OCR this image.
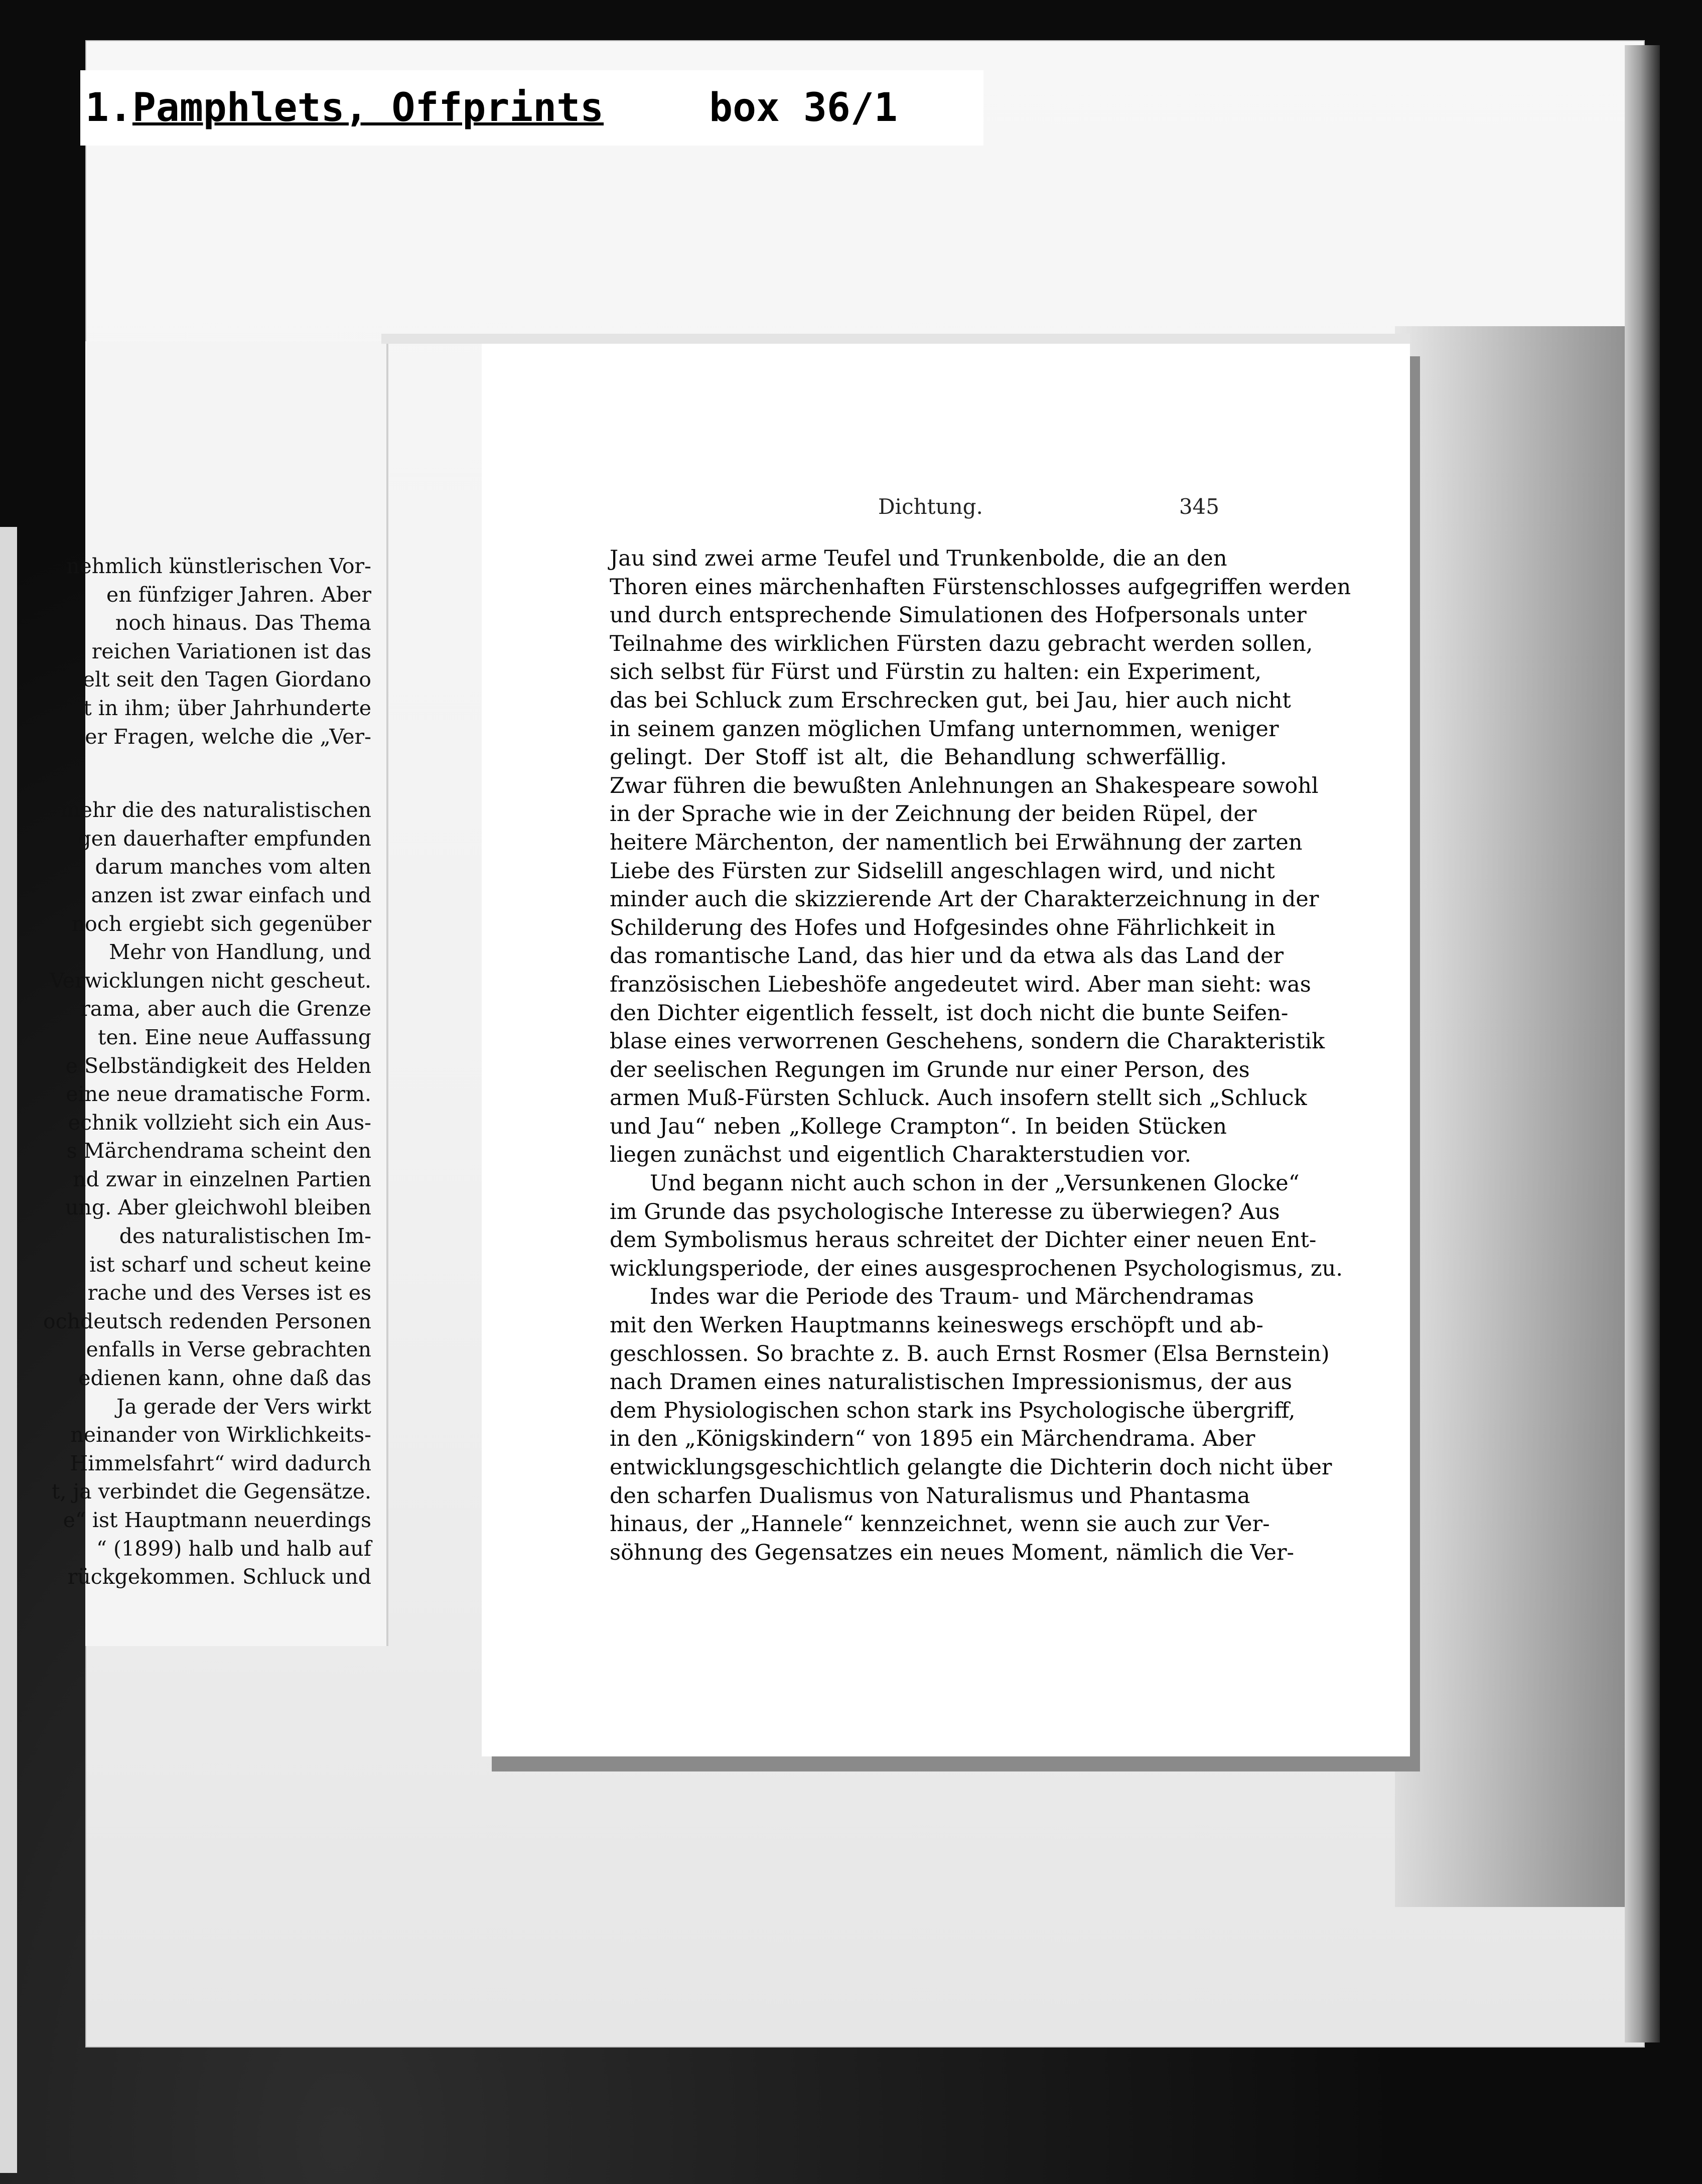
1. Pamphlets, Offprints	box 36/1
nehmlich künstlerischen Vor-
en fünfziger Jahren. Aber
noch hinaus. Das Thema
reichen Variationen ist das
elt seit den Tagen Giordano
t in ihm; über Jahrhunderte
er Fragen, welche die „Ver-
mehr die des naturalistischen
gen dauerhafter empfunden
darum manches vom alten
anzen ist zwar einfach und
noch ergiebt sich gegenüber
Mehr von Handlung, und
Verwicklungen nicht gescheut.
rama, aber auch die Grenze
ten. Eine neue Auffassung
e Selbständigkeit des Helden
eine neue dramatische Form.
echnik vollzieht sich ein Aus-
s Märchendrama scheint den
nd zwar in einzelnen Partien
ung. Aber gleichwohl bleiben
des naturalistischen Im-
ist scharf und scheut keine
rache und des Verses ist es
ochdeutsch redenden Personen
enfalls in Verse gebrachten
edienen kann, ohne daß das
Ja gerade der Vers wirkt
neinander von Wirklichkeits-
Himmelsfahrt“ wird dadurch
t, ja verbindet die Gegensätze.
e“ ist Hauptmann neuerdings
“ (1899) halb und halb auf
rückgekommen. Schluck und
Dichtung.	345
Jau sind zwei arme Teufel und Trunkenbolde, die an den
Thoren eines märchenhaften Fürstenschlosses aufgegriffen werden
und durch entsprechende Simulationen des Hofpersonals unter
Teilnahme des wirklichen Fürsten dazu gebracht werden sollen,
sich selbst für Fürst und Fürstin zu halten: ein Experiment,
das bei Schluck zum Erschrecken gut, bei Jau, hier auch nicht
in seinem ganzen möglichen Umfang unternommen, weniger
gelingt. Der Stoff ist alt, die Behandlung schwerfällig.
Zwar führen die bewußten Anlehnungen an Shakespeare sowohl
in der Sprache wie in der Zeichnung der beiden Rüpel, der
heitere Märchenton, der namentlich bei Erwähnung der zarten
Liebe des Fürsten zur Sidselill angeschlagen wird, und nicht
minder auch die skizzierende Art der Charakterzeichnung in der
Schilderung des Hofes und Hofgesindes ohne Fährlichkeit in
das romantische Land, das hier und da etwa als das Land der
französischen Liebeshöfe angedeutet wird. Aber man sieht: was
den Dichter eigentlich fesselt, ist doch nicht die bunte Seifen-
blase eines verworrenen Geschehens, sondern die Charakteristik
der seelischen Regungen im Grunde nur einer Person, des
armen Muß-Fürsten Schluck. Auch insofern stellt sich „Schluck
und Jau“ neben „Kollege Crampton“. In beiden Stücken
liegen zunächst und eigentlich Charakterstudien vor.
Und begann nicht auch schon in der „Versunkenen Glocke“
im Grunde das psychologische Interesse zu überwiegen? Aus
dem Symbolismus heraus schreitet der Dichter einer neuen Ent-
wicklungsperiode, der eines ausgesprochenen Psychologismus, zu.
Indes war die Periode des Traum- und Märchendramas
mit den Werken Hauptmanns keineswegs erschöpft und ab-
geschlossen. So brachte z. B. auch Ernst Rosmer (Elsa Bernstein)
nach Dramen eines naturalistischen Impressionismus, der aus
dem Physiologischen schon stark ins Psychologische übergriff,
in den „Königskindern“ von 1895 ein Märchendrama. Aber
entwicklungsgeschichtlich gelangte die Dichterin doch nicht über
den scharfen Dualismus von Naturalismus und Phantasma
hinaus, der „Hannele“ kennzeichnet, wenn sie auch zur Ver-
söhnung des Gegensatzes ein neues Moment, nämlich die Ver-
